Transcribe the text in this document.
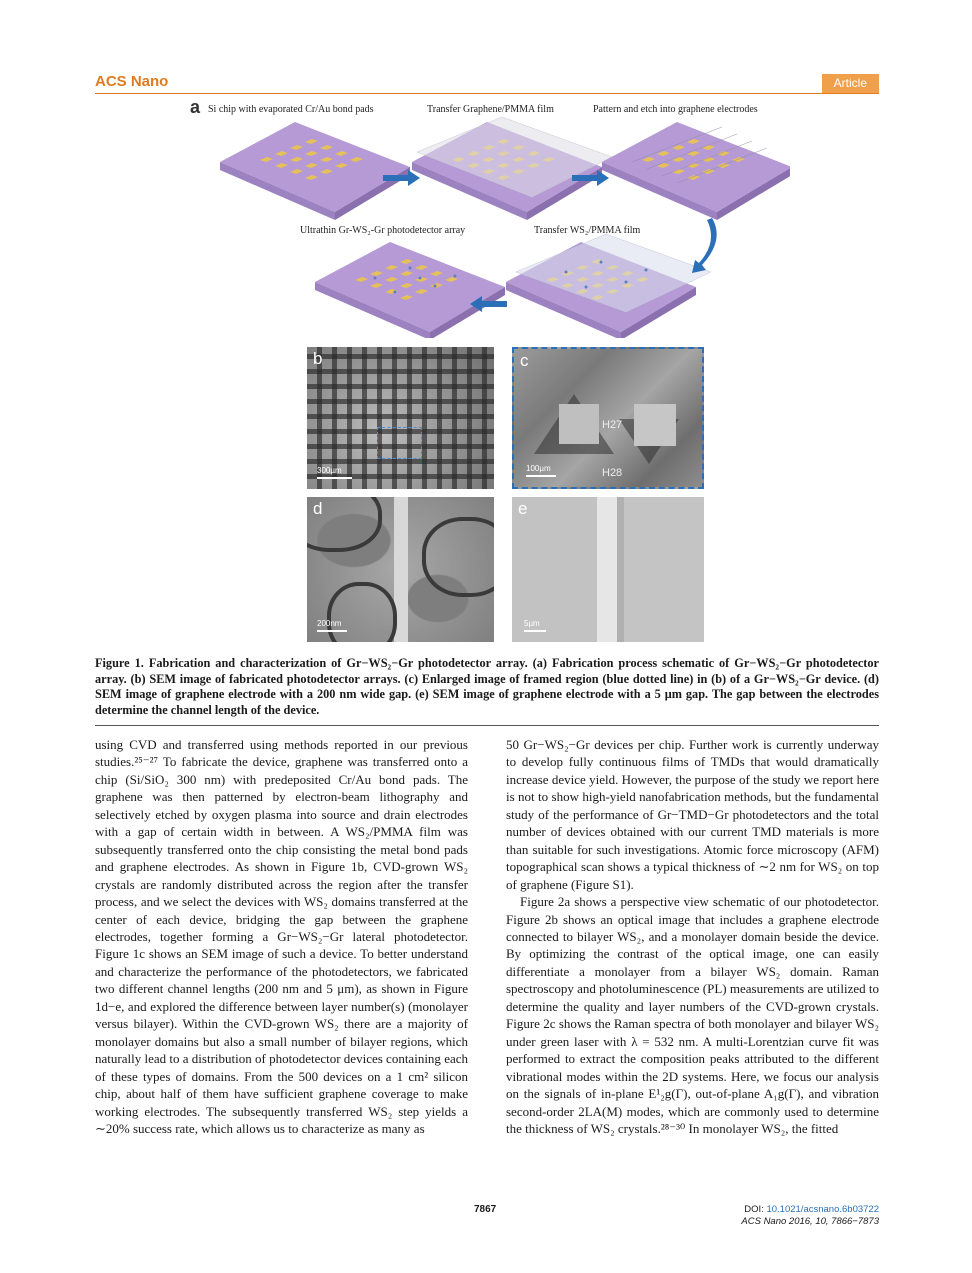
ACS Nano	Article
a Si chip with evaporated Cr/Au bond pads	Transfer Graphene/PMMA film	Pattern and etch into graphene electrodes
Transfer WS₂/PMMA film
Ultrathin Gr-WS₂-Gr photodetector array
b
300µm
c
H27
H28
100µm
d
200nm
e
5µm
Figure 1. Fabrication and characterization of Gr−WS₂−Gr photodetector array. (a) Fabrication process schematic of Gr−WS₂−Gr photodetector array. (b) SEM image of fabricated photodetector arrays. (c) Enlarged image of framed region (blue dotted line) in (b) of a Gr−WS₂−Gr device. (d) SEM image of graphene electrode with a 200 nm wide gap. (e) SEM image of graphene electrode with a 5 μm gap. The gap between the electrodes determine the channel length of the device.

using CVD and transferred using methods reported in our previous studies.²⁵⁻²⁷ To fabricate the device, graphene was transferred onto a chip (Si/SiO₂ 300 nm) with predeposited Cr/Au bond pads. The graphene was then patterned by electron-beam lithography and selectively etched by oxygen plasma into source and drain electrodes with a gap of certain width in between. A WS₂/PMMA film was subsequently transferred onto the chip consisting the metal bond pads and graphene electrodes. As shown in Figure 1b, CVD-grown WS₂ crystals are randomly distributed across the region after the transfer process, and we select the devices with WS₂ domains transferred at the center of each device, bridging the gap between the graphene electrodes, together forming a Gr−WS₂−Gr lateral photodetector. Figure 1c shows an SEM image of such a device. To better understand and characterize the performance of the photodetectors, we fabricated two different channel lengths (200 nm and 5 μm), as shown in Figure 1d−e, and explored the difference between layer number(s) (monolayer versus bilayer). Within the CVD-grown WS₂ there are a majority of monolayer domains but also a small number of bilayer regions, which naturally lead to a distribution of photodetector devices containing each of these types of domains. From the 500 devices on a 1 cm² silicon chip, about half of them have sufficient graphene coverage to make working electrodes. The subsequently transferred WS₂ step yields a ∼20% success rate, which allows us to characterize as many as

50 Gr−WS₂−Gr devices per chip. Further work is currently underway to develop fully continuous films of TMDs that would dramatically increase device yield. However, the purpose of the study we report here is not to show high-yield nanofabrication methods, but the fundamental study of the performance of Gr−TMD−Gr photodetectors and the total number of devices obtained with our current TMD materials is more than suitable for such investigations. Atomic force microscopy (AFM) topographical scan shows a typical thickness of ∼2 nm for WS₂ on top of graphene (Figure S1).

Figure 2a shows a perspective view schematic of our photodetector. Figure 2b shows an optical image that includes a graphene electrode connected to bilayer WS₂, and a monolayer domain beside the device. By optimizing the contrast of the optical image, one can easily differentiate a monolayer from a bilayer WS₂ domain. Raman spectroscopy and photoluminescence (PL) measurements are utilized to determine the quality and layer numbers of the CVD-grown crystals. Figure 2c shows the Raman spectra of both monolayer and bilayer WS₂ under green laser with λ = 532 nm. A multi-Lorentzian curve fit was performed to extract the composition peaks attributed to the different vibrational modes within the 2D systems. Here, we focus our analysis on the signals of in-plane E¹₂g(Γ), out-of-plane A₁g(Γ), and vibration second-order 2LA(M) modes, which are commonly used to determine the thickness of WS₂ crystals.²⁸⁻³⁰ In monolayer WS₂, the fitted

7867	DOI: 10.1021/acsnano.6b03722
ACS Nano 2016, 10, 7866−7873
